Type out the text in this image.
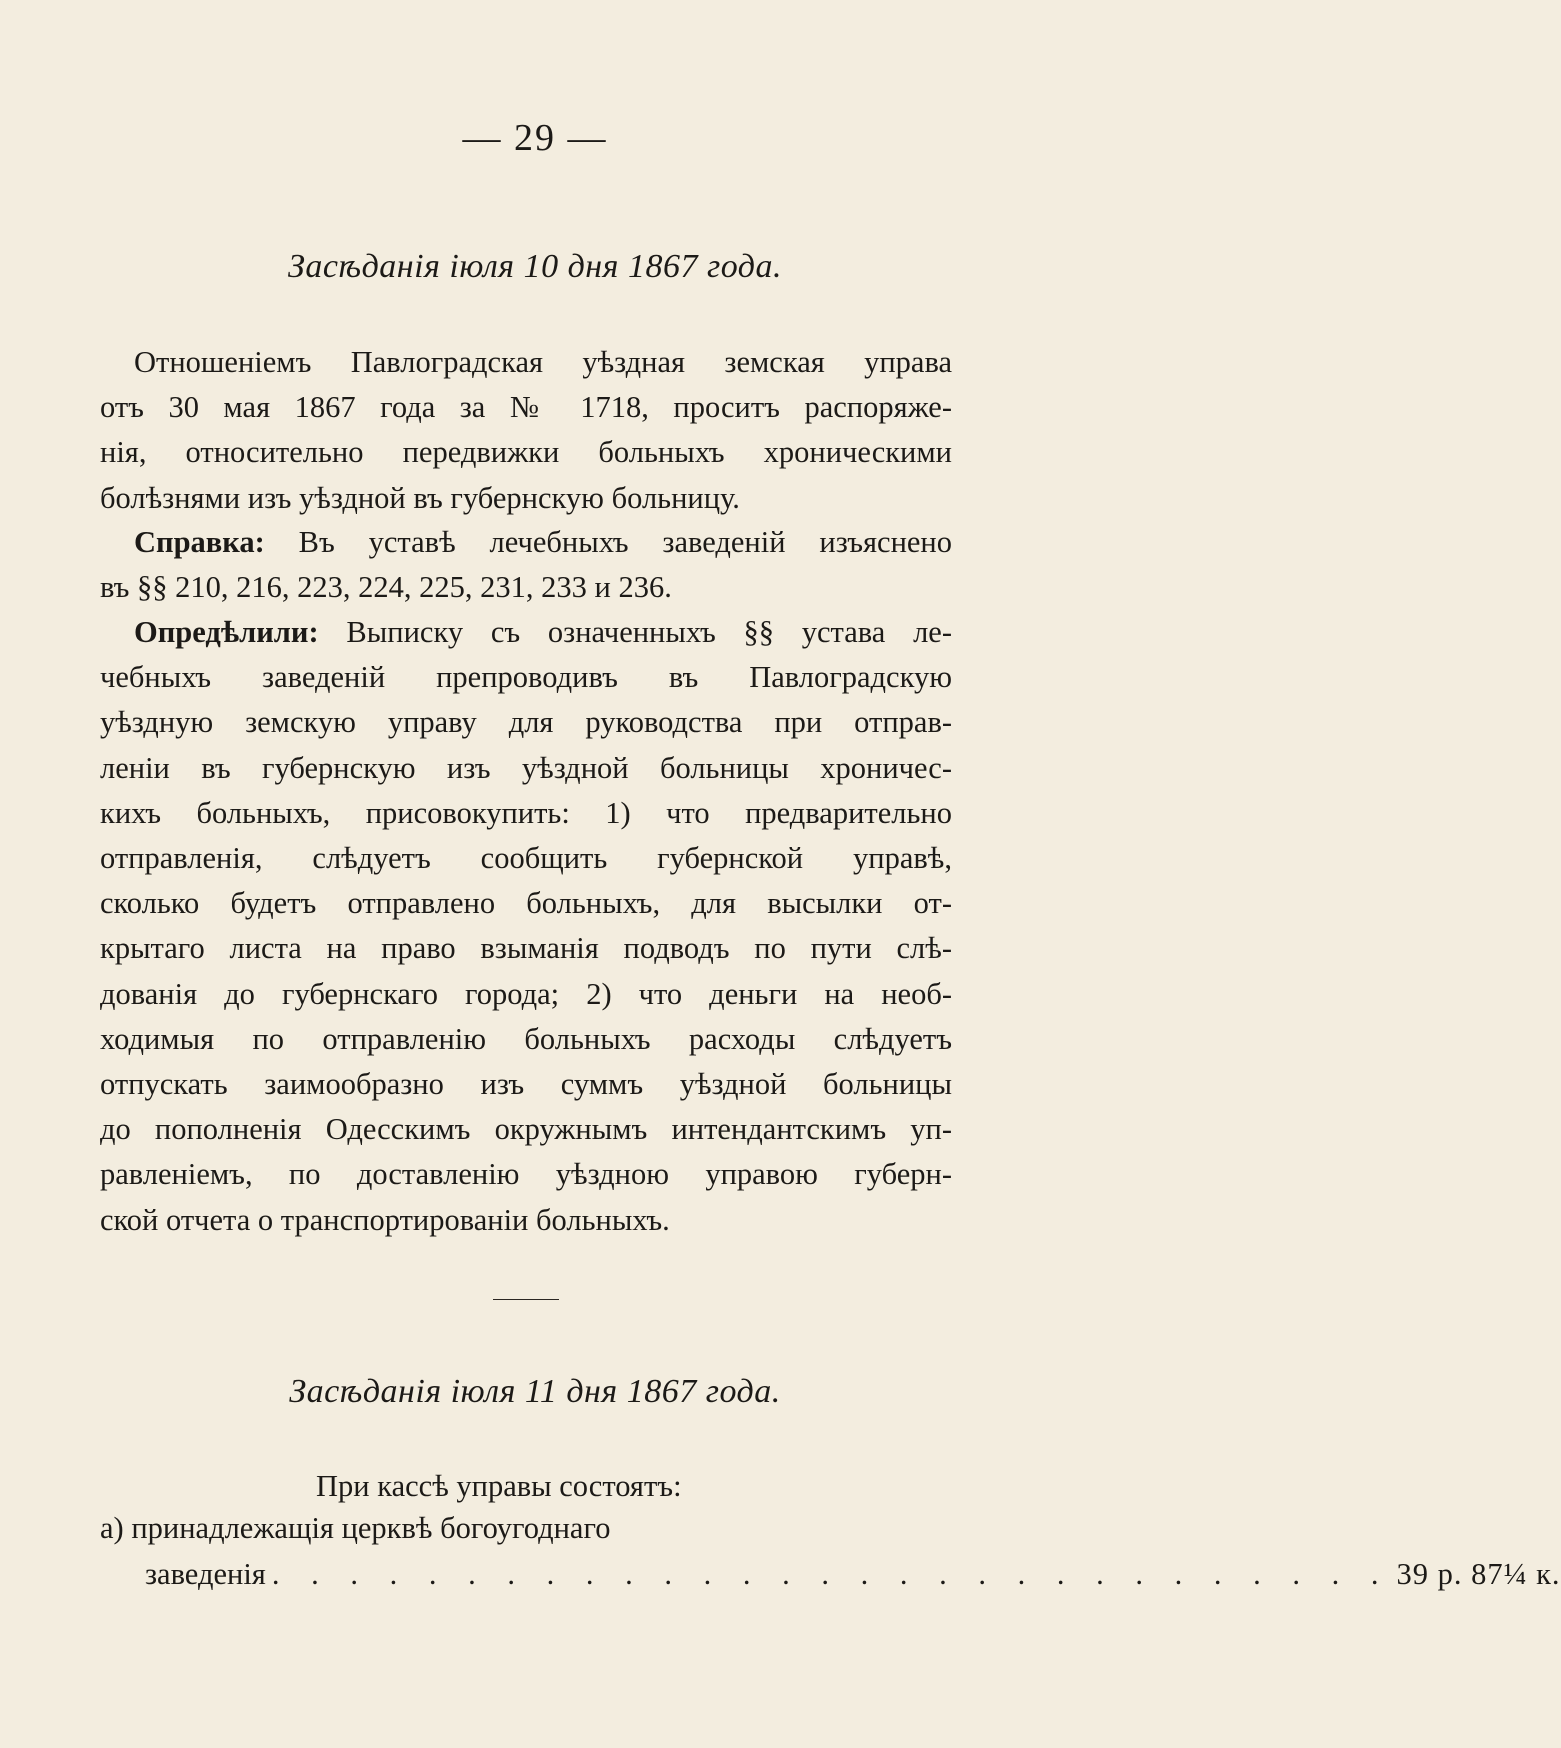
— 29 —
Засѣданія іюля 10 дня 1867 года.
Отношеніемъ Павлоградская уѣздная земская управа
отъ 30 мая 1867 года за № 1718, проситъ распоряже-
нія, относительно передвижки больныхъ хроническими
болѣзнями изъ уѣздной въ губернскую больницу.
Справка: Въ уставѣ лечебныхъ заведеній изъяснено
въ §§ 210, 216, 223, 224, 225, 231, 233 и 236.
Опредѣлили: Выписку съ означенныхъ §§ устава ле-
чебныхъ заведеній препроводивъ въ Павлоградскую
уѣздную земскую управу для руководства при отправ-
леніи въ губернскую изъ уѣздной больницы хроничес-
кихъ больныхъ, присовокупить: 1) что предварительно
отправленія, слѣдуетъ сообщить губернской управѣ,
сколько будетъ отправлено больныхъ, для высылки от-
крытаго листа на право взыманія подводъ по пути слѣ-
дованія до губернскаго города; 2) что деньги на необ-
ходимыя по отправленію больныхъ расходы слѣдуетъ
отпускать заимообразно изъ суммъ уѣздной больницы
до пополненія Одесскимъ окружнымъ интендантскимъ уп-
равленіемъ, по доставленію уѣздною управою губерн-
ской отчета о транспортированіи больныхъ.
Засѣданія іюля 11 дня 1867 года.
При кассѣ управы состоятъ:
а) принадлежащія церквѣ богоугоднаго
заведенія . . . . . . . . . . . . . . . . . . . . . . . . . . . . . 39 р. 87¼ к.
